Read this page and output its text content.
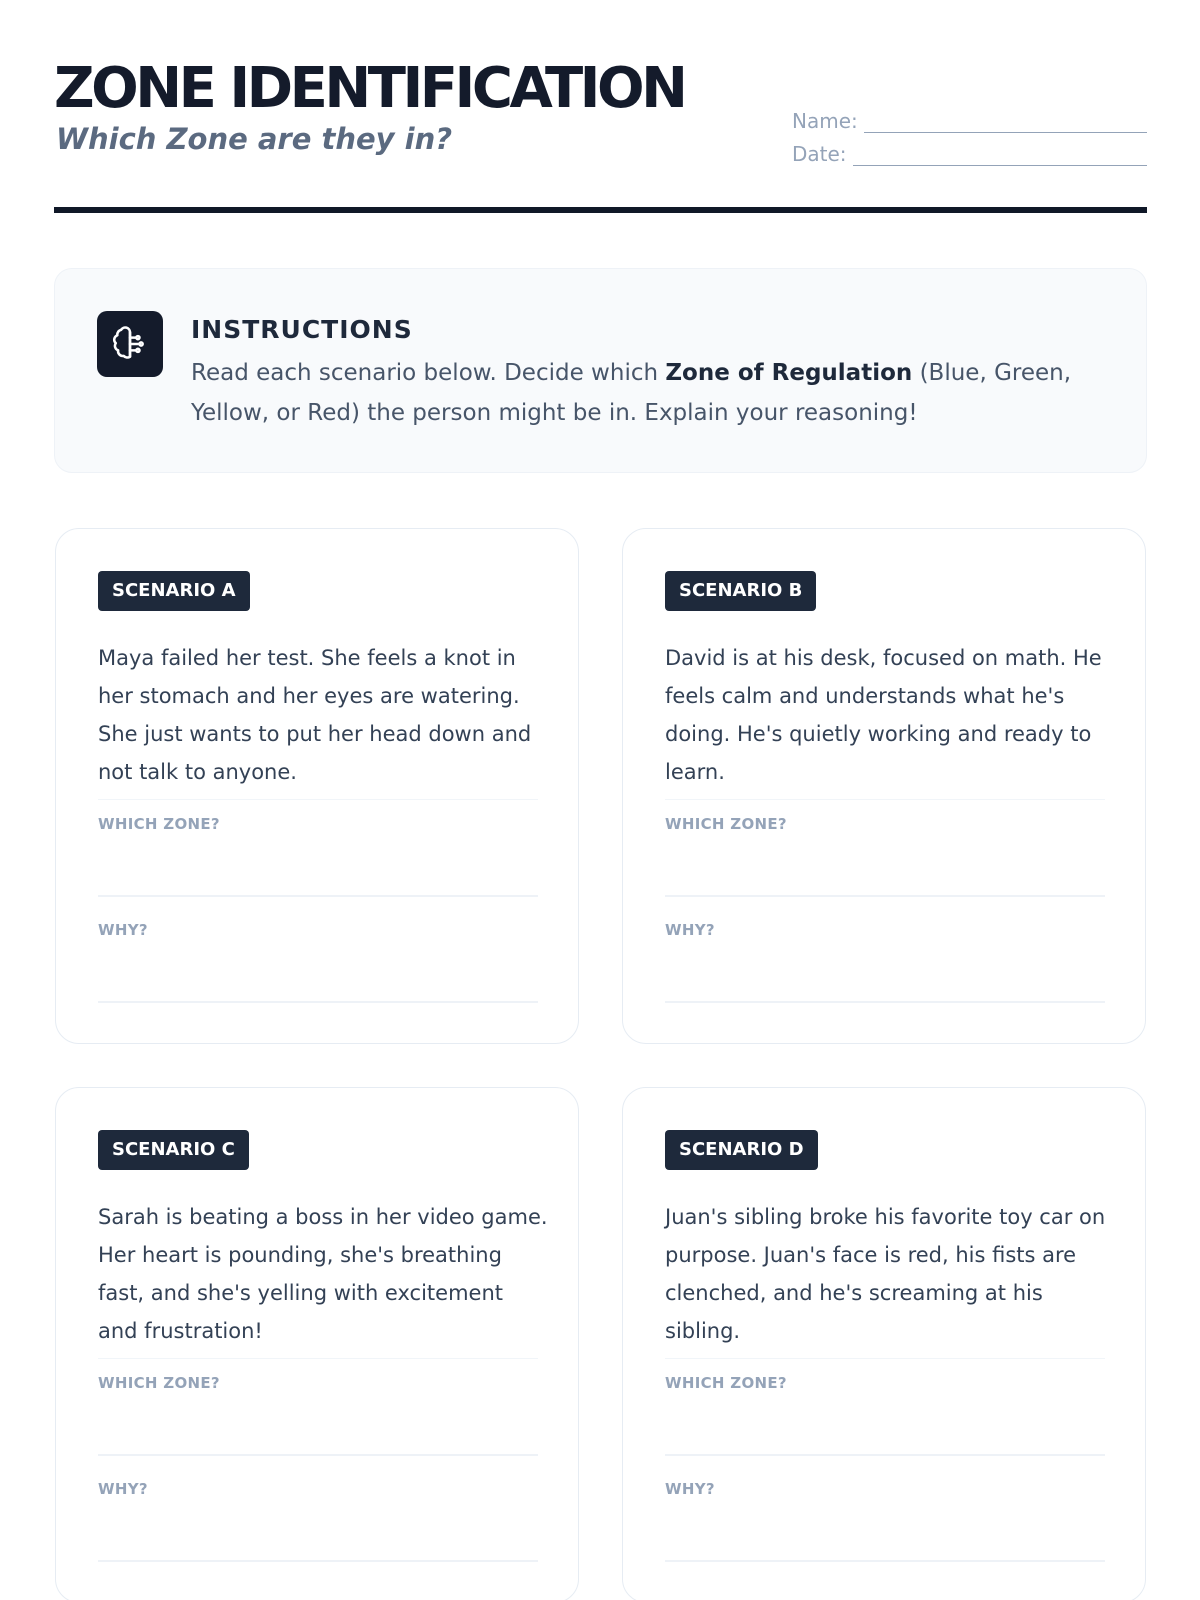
ZONE IDENTIFICATION
Which Zone are they in?
Name:
Date:
INSTRUCTIONS
Read each scenario below. Decide which Zone of Regulation (Blue, Green, Yellow, or Red) the person might be in. Explain your reasoning!
SCENARIO A
Maya failed her test. She feels a knot in her stomach and her eyes are watering. She just wants to put her head down and not talk to anyone.
WHICH ZONE?
WHY?
SCENARIO B
David is at his desk, focused on math. He feels calm and understands what he's doing. He's quietly working and ready to learn.
WHICH ZONE?
WHY?
SCENARIO C
Sarah is beating a boss in her video game. Her heart is pounding, she's breathing fast, and she's yelling with excitement and frustration!
WHICH ZONE?
WHY?
SCENARIO D
Juan's sibling broke his favorite toy car on purpose. Juan's face is red, his fists are clenched, and he's screaming at his sibling.
WHICH ZONE?
WHY?
